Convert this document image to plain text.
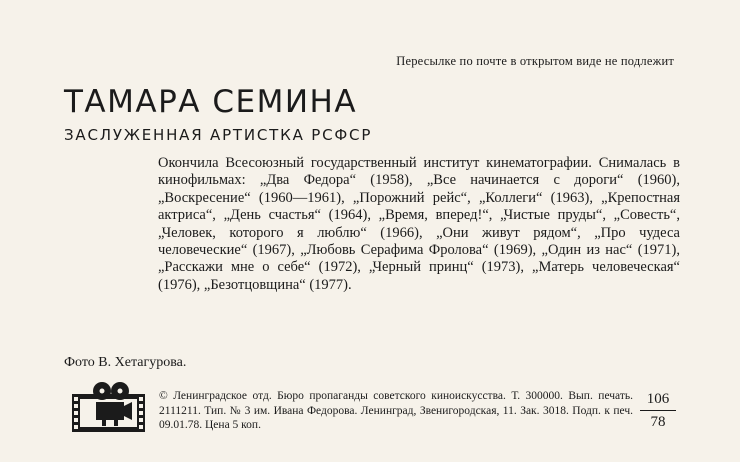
Пересылке по почте в открытом виде не подлежит
ТАМАРА СЕМИНА
ЗАСЛУЖЕННАЯ АРТИСТКА РСФСР
Окончила Всесоюзный государственный институт кинематографии. Снималась в кинофильмах: „Два Федора“ (1958), „Все начинается с дороги“ (1960), „Воскресение“ (1960—1961), „Порожний рейс“, „Коллеги“ (1963), „Крепостная актриса“, „День счастья“ (1964), „Время, вперед!“, „Чистые пруды“, „Совесть“, „Человек, которого я люблю“ (1966), „Они живут рядом“, „Про чудеса человеческие“ (1967), „Любовь Серафима Фролова“ (1969), „Один из нас“ (1971), „Расскажи мне о себе“ (1972), „Черный принц“ (1973), „Матерь человеческая“ (1976), „Безотцовщина“ (1977).
Фото В. Хетагурова.
© Ленинградское отд. Бюро пропаганды советского киноискусства. Т. 300000. Вып. печать. 2111211. Тип. № 3 им. Ивана Федорова. Ленинград, Звенигородская, 11. Зак. 3018. Подп. к печ. 09.01.78. Цена 5 коп.
106
78
